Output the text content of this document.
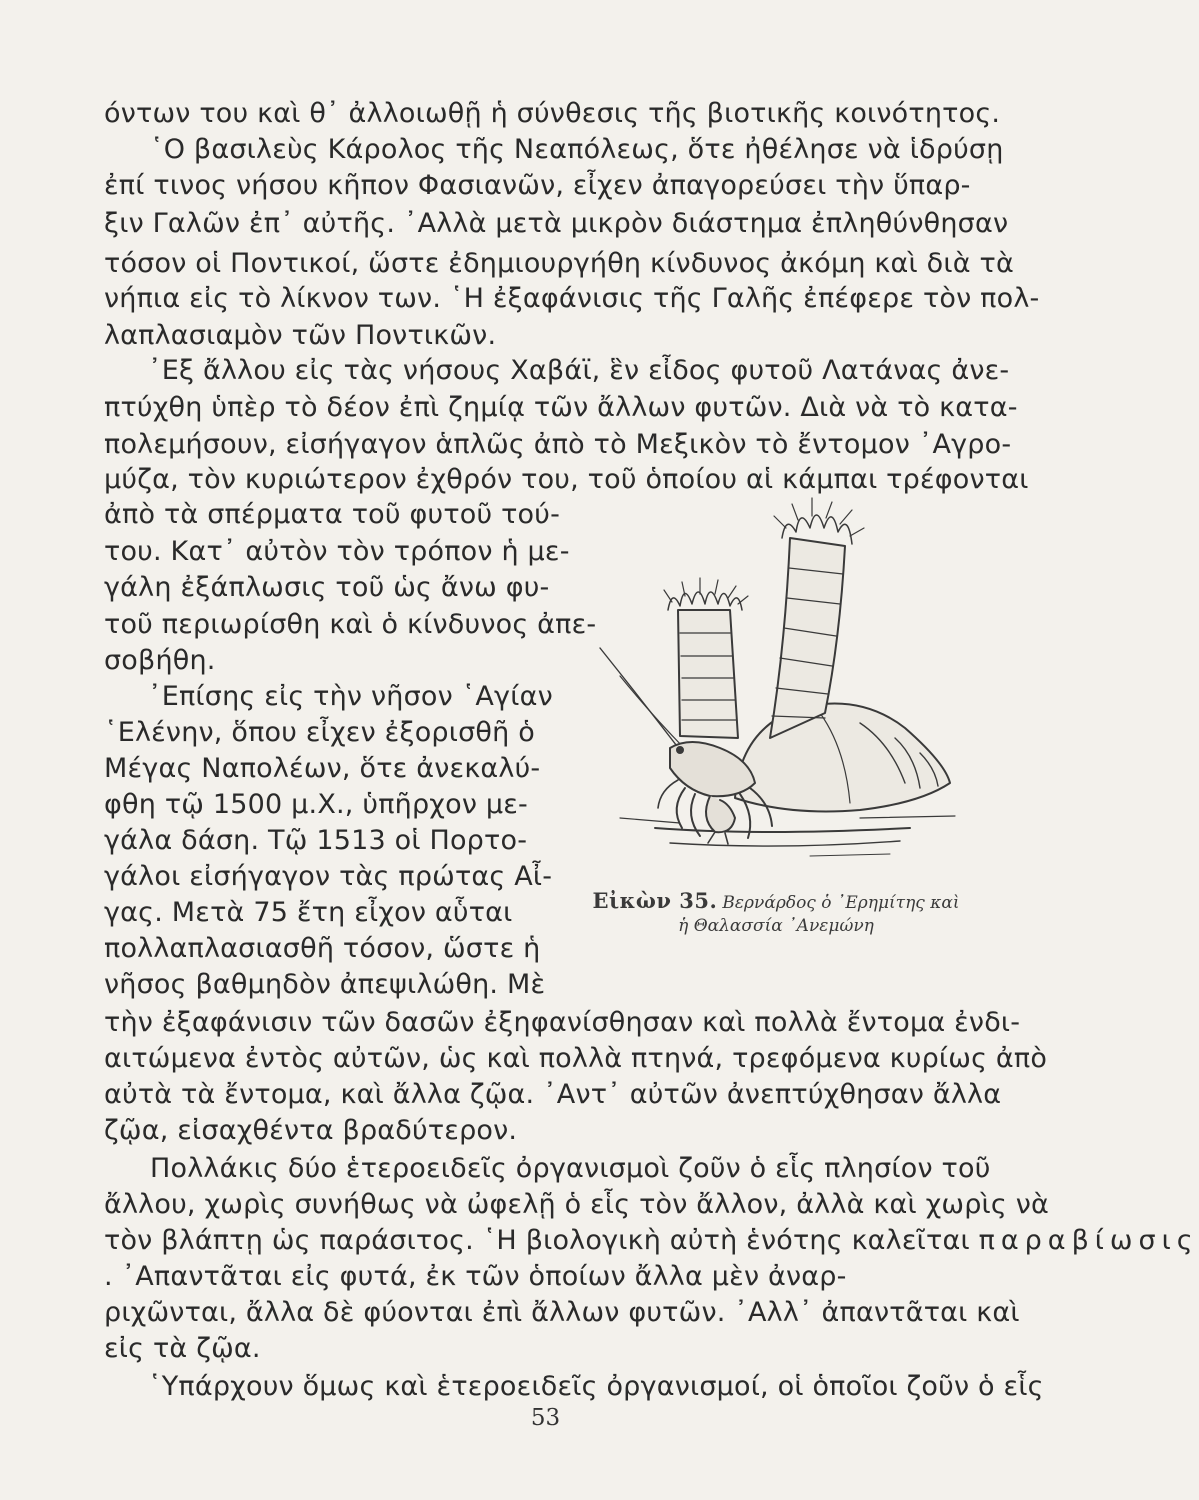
όντων του καὶ θ᾽ ἀλλοιωθῇ ἡ σύνθεσις τῆς βιοτικῆς κοινότητος.
῾Ο βασιλεὺς Κάρολος τῆς Νεαπόλεως, ὅτε ἠθέλησε νὰ ἱδρύσῃ
ἐπί τινος νήσου κῆπον Φασιανῶν, εἶχεν ἀπαγορεύσει τὴν ὕπαρ-
ξιν Γαλῶν ἐπ᾽ αὐτῆς. ᾽Αλλὰ μετὰ μικρὸν διάστημα ἐπληθύνθησαν
τόσον οἱ Ποντικοί, ὥστε ἐδημιουργήθη κίνδυνος ἀκόμη καὶ διὰ τὰ
νήπια εἰς τὸ λίκνον των. ῾Η ἐξαφάνισις τῆς Γαλῆς ἐπέφερε τὸν πολ-
λαπλασιαμὸν τῶν Ποντικῶν.
᾽Εξ ἄλλου εἰς τὰς νήσους Χαβάϊ, ἓν εἶδος φυτοῦ Λατάνας ἀνε-
πτύχθη ὑπὲρ τὸ δέον ἐπὶ ζημίᾳ τῶν ἄλλων φυτῶν. Διὰ νὰ τὸ κατα-
πολεμήσουν, εἰσήγαγον ἁπλῶς ἀπὸ τὸ Μεξικὸν τὸ ἔντομον ᾽Αγρο-
μύζα, τὸν κυριώτερον ἐχθρόν του, τοῦ ὁποίου αἱ κάμπαι τρέφονται
ἀπὸ τὰ σπέρματα τοῦ φυτοῦ τού-
του. Κατ᾽ αὐτὸν τὸν τρόπον ἡ με-
γάλη ἐξάπλωσις τοῦ ὡς ἄνω φυ-
τοῦ περιωρίσθη καὶ ὁ κίνδυνος ἀπε-
σοβήθη.
᾽Επίσης εἰς τὴν νῆσον ῾Αγίαν
῾Ελένην, ὅπου εἶχεν ἐξορισθῆ ὁ
Μέγας Ναπολέων, ὅτε ἀνεκαλύ-
φθη τῷ 1500 μ.Χ., ὑπῆρχον με-
γάλα δάση. Τῷ 1513 οἱ Πορτο-
γάλοι εἰσήγαγον τὰς πρώτας Αἶ-
γας. Μετὰ 75 ἔτη εἶχον αὗται
πολλαπλασιασθῆ τόσον, ὥστε ἡ
νῆσος βαθμηδὸν ἀπεψιλώθη. Μὲ
τὴν ἐξαφάνισιν τῶν δασῶν ἐξηφανίσθησαν καὶ πολλὰ ἔντομα ἐνδι-
αιτώμενα ἐντὸς αὐτῶν, ὡς καὶ πολλὰ πτηνά, τρεφόμενα κυρίως ἀπὸ
αὐτὰ τὰ ἔντομα, καὶ ἄλλα ζῷα. ᾽Αντ᾽ αὐτῶν ἀνεπτύχθησαν ἄλλα
ζῷα, εἰσαχθέντα βραδύτερον.
Πολλάκις δύο ἑτεροειδεῖς ὀργανισμοὶ ζοῦν ὁ εἷς πλησίον τοῦ
ἄλλου, χωρὶς συνήθως νὰ ὠφελῇ ὁ εἷς τὸν ἄλλον, ἀλλὰ καὶ χωρὶς νὰ
τὸν βλάπτῃ ὡς παράσιτος. ῾Η βιολογικὴ αὐτὴ ἑνότης καλεῖται παραβίωσις
. ᾽Απαντᾶται εἰς φυτά, ἐκ τῶν ὁποίων ἄλλα μὲν ἀναρ-
ριχῶνται, ἄλλα δὲ φύονται ἐπὶ ἄλλων φυτῶν. ᾽Αλλ᾽ ἀπαντᾶται καὶ
εἰς τὰ ζῷα.
῾Υπάρχουν ὅμως καὶ ἑτεροειδεῖς ὀργανισμοί, οἱ ὁποῖοι ζοῦν ὁ εἷς
Εἰκὼν 35. Βερνάρδος ὁ ᾽Ερημίτης καὶ
ἡ Θαλασσία ᾽Ανεμώνη
53
